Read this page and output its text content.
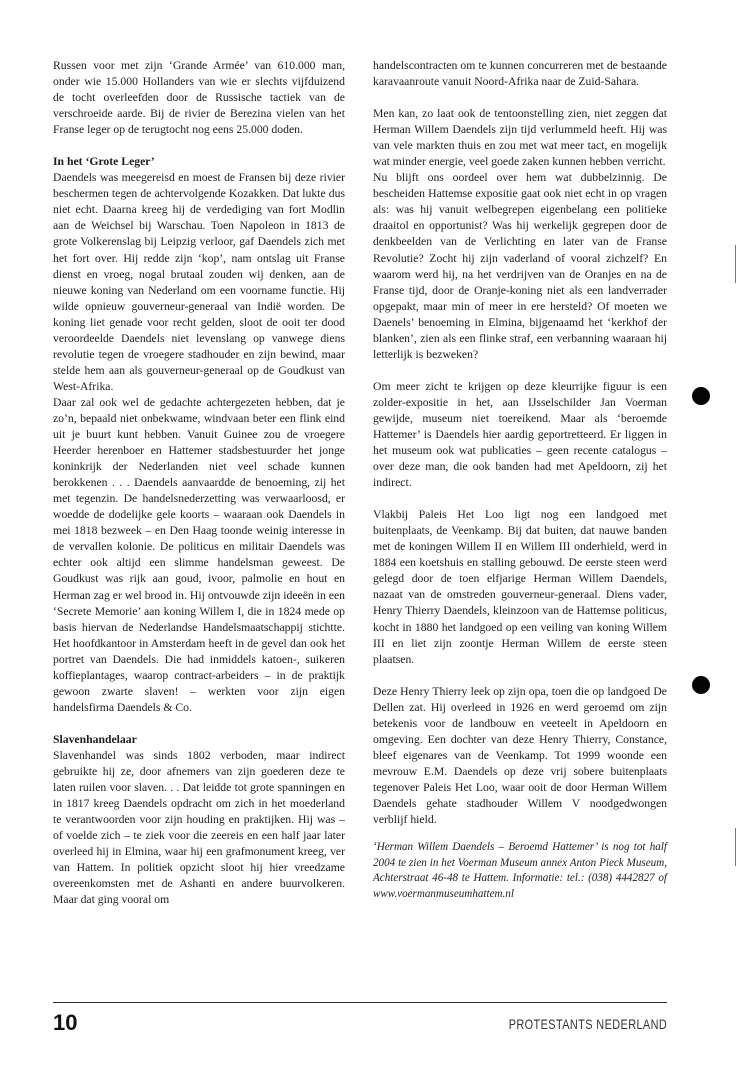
Russen voor met zijn ‘Grande Armée’ van 610.000 man, onder wie 15.000 Hollanders van wie er slechts vijfduizend de tocht overleefden door de Russische tactiek van de verschroeide aarde. Bij de rivier de Berezina vielen van het Franse leger op de terugtocht nog eens 25.000 doden.

In het ‘Grote Leger’

Daendels was meegereisd en moest de Fransen bij deze rivier beschermen tegen de achtervolgende Kozakken. Dat lukte dus niet echt. Daarna kreeg hij de verdediging van fort Modlin aan de Weichsel bij Warschau. Toen Napoleon in 1813 de grote Volkerenslag bij Leipzig verloor, gaf Daendels zich met het fort over. Hij redde zijn ‘kop’, nam ontslag uit Franse dienst en vroeg, nogal brutaal zouden wij denken, aan de nieuwe koning van Nederland om een voorname functie. Hij wilde opnieuw gouverneur-generaal van Indië worden. De koning liet genade voor recht gelden, sloot de ooit ter dood veroordeelde Daendels niet levenslang op vanwege diens revolutie tegen de vroegere stadhouder en zijn bewind, maar stelde hem aan als gouverneur-generaal op de Goudkust van West-Afrika.

Daar zal ook wel de gedachte achtergezeten hebben, dat je zo’n, bepaald niet onbekwame, windvaan beter een flink eind uit je buurt kunt hebben. Vanuit Guinee zou de vroegere Heerder herenboer en Hattemer stadsbestuurder het jonge koninkrijk der Nederlanden niet veel schade kunnen berokkenen . . . Daendels aanvaardde de benoeming, zij het met tegenzin. De handelsnederzetting was verwaarloosd, er woedde de dodelijke gele koorts – waaraan ook Daendels in mei 1818 bezweek – en Den Haag toonde weinig interesse in de vervallen kolonie. De politicus en militair Daendels was echter ook altijd een slimme handelsman geweest. De Goudkust was rijk aan goud, ivoor, palmolie en hout en Herman zag er wel brood in. Hij ontvouwde zijn ideeën in een ‘Secrete Memorie’ aan koning Willem I, die in 1824 mede op basis hiervan de Nederlandse Handelsmaatschappij stichtte. Het hoofdkantoor in Amsterdam heeft in de gevel dan ook het portret van Daendels. Die had inmiddels katoen-, suikeren koffieplantages, waarop contract-arbeiders – in de praktijk gewoon zwarte slaven! – werkten voor zijn eigen handelsfirma Daendels & Co.

Slavenhandelaar

Slavenhandel was sinds 1802 verboden, maar indirect gebruikte hij ze, door afnemers van zijn goederen deze te laten ruilen voor slaven. . . Dat leidde tot grote spanningen en in 1817 kreeg Daendels opdracht om zich in het moederland te verantwoorden voor zijn houding en praktijken. Hij was – of voelde zich – te ziek voor die zeereis en een half jaar later overleed hij in Elmina, waar hij een grafmonument kreeg, ver van Hattem. In politiek opzicht sloot hij hier vreedzame overeenkomsten met de Ashanti en andere buurvolkeren. Maar dat ging vooral om

handelscontracten om te kunnen concurreren met de bestaande karavaanroute vanuit Noord-Afrika naar de Zuid-Sahara.

Men kan, zo laat ook de tentoonstelling zien, niet zeggen dat Herman Willem Daendels zijn tijd verlummeld heeft. Hij was van vele markten thuis en zou met wat meer tact, en mogelijk wat minder energie, veel goede zaken kunnen hebben verricht.

Nu blijft ons oordeel over hem wat dubbelzinnig. De bescheiden Hattemse expositie gaat ook niet echt in op vragen als: was hij vanuit welbegrepen eigenbelang een politieke draaitol en opportunist? Was hij werkelijk gegrepen door de denkbeelden van de Verlichting en later van de Franse Revolutie? Zocht hij zijn vaderland of vooral zichzelf? En waarom werd hij, na het verdrijven van de Oranjes en na de Franse tijd, door de Oranje-koning niet als een landverrader opgepakt, maar min of meer in ere hersteld? Of moeten we Daenels’ benoeming in Elmina, bijgenaamd het ‘kerkhof der blanken’, zien als een flinke straf, een verbanning waaraan hij letterlijk is bezweken?

Om meer zicht te krijgen op deze kleurrijke figuur is een zolder-expositie in het, aan IJsselschilder Jan Voerman gewijde, museum niet toereikend. Maar als ‘beroemde Hattemer’ is Daendels hier aardig geportretteerd. Er liggen in het museum ook wat publicaties – geen recente catalogus – over deze man, die ook banden had met Apeldoorn, zij het indirect.

Vlakbij Paleis Het Loo ligt nog een landgoed met buitenplaats, de Veenkamp. Bij dat buiten, dat nauwe banden met de koningen Willem II en Willem III onderhield, werd in 1884 een koetshuis en stalling gebouwd. De eerste steen werd gelegd door de toen elfjarige Herman Willem Daendels, nazaat van de omstreden gouverneur-generaal. Diens vader, Henry Thierry Daendels, kleinzoon van de Hattemse politicus, kocht in 1880 het landgoed op een veiling van koning Willem III en liet zijn zoontje Herman Willem de eerste steen plaatsen.

Deze Henry Thierry leek op zijn opa, toen die op landgoed De Dellen zat. Hij overleed in 1926 en werd geroemd om zijn betekenis voor de landbouw en veeteelt in Apeldoorn en omgeving. Een dochter van deze Henry Thierry, Constance, bleef eigenares van de Veenkamp. Tot 1999 woonde een mevrouw E.M. Daendels op deze vrij sobere buitenplaats tegenover Paleis Het Loo, waar ooit de door Herman Willem Daendels gehate stadhouder Willem V noodgedwongen verblijf hield.

‘Herman Willem Daendels – Beroemd Hattemer’ is nog tot half 2004 te zien in het Voerman Museum annex Anton Pieck Museum, Achterstraat 46-48 te Hattem. Informatie: tel.: (038) 4442827 of www.voermanmuseumhattem.nl

10	PROTESTANTS NEDERLAND
